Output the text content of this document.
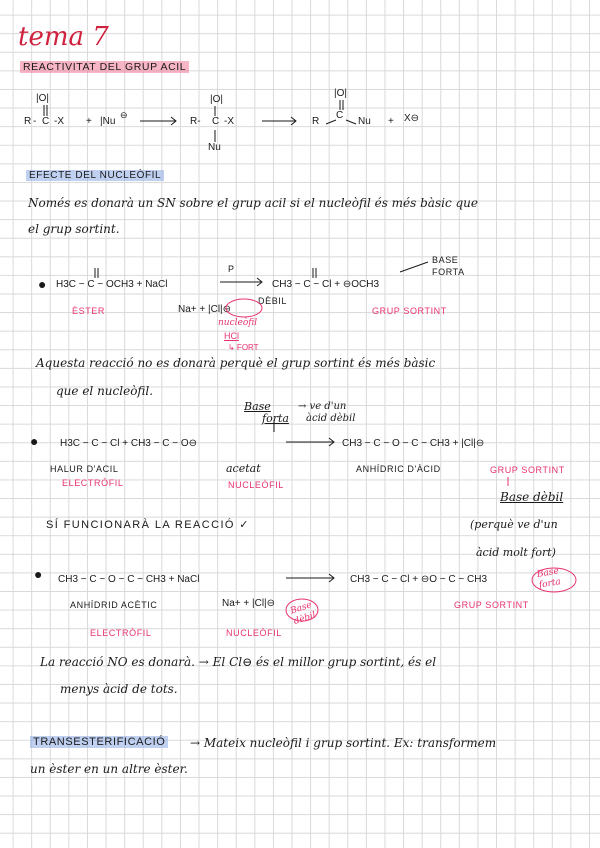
tema 7
REACTIVITAT DEL GRUP ACIL
|O|
R - C -X + |Nu
⊖
|O|
R- C -X
Nu
|O|
R
C
Nu + X⊖
EFECTE DEL NUCLEÒFIL
Només es donarà un SN sobre el grup acil si el nucleòfil és més bàsic que
el grup sortint.
● H3C − C − OCH3 + NaCl
P
CH3 − C − Cl + ⊖OCH3
BASE
FORTA
ÈSTER	Na+ + |Cl|⊖
DÈBIL
nucleòfil
HCl
↳ FORT
GRUP SORTINT
Aquesta reacció no es donarà perquè el grup sortint és més bàsic
que el nucleòfil.
Base
forta
→ ve d'un
àcid dèbil
● H3C − C − Cl + CH3 − C − O⊖	CH3 − C − O − C − CH3 + |Cl|⊖
HALUR D'ACIL	acetat	ANHÍDRIC D'ÀCID
ELECTRÒFIL	NUCLEÒFIL
GRUP SORTINT
Base dèbil
SÍ FUNCIONARÀ LA REACCIÓ ✓	(perquè ve d'un
àcid molt fort)
● CH3 − C − O − C − CH3 + NaCl	CH3 − C − Cl + ⊖O − C − CH3	Base
forta
ANHÍDRID ACÈTIC	Na+ + |Cl|⊖ Base
dèbil
ELECTRÒFIL	NUCLEÒFIL
GRUP SORTINT
La reacció NO es donarà. → El Cl⊖ és el millor grup sortint, és el
menys àcid de tots.
TRANSESTERIFICACIÓ → Mateix nucleòfil i grup sortint. Ex: transformem
un èster en un altre èster.
